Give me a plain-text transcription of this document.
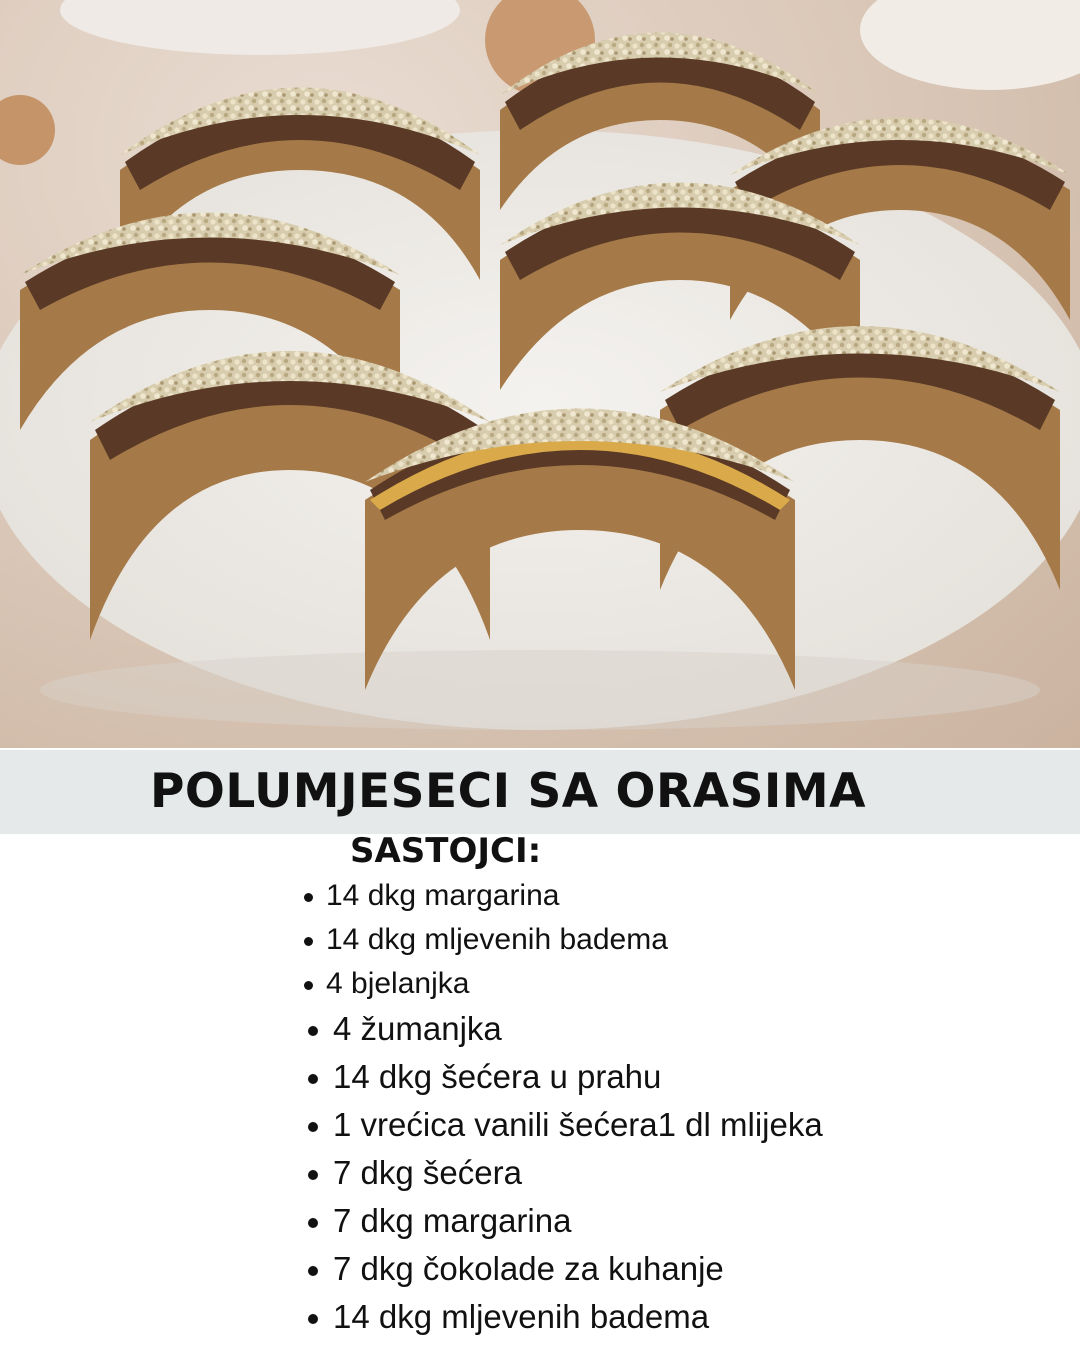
POLUMJESECI SA ORASIMA
SASTOJCI:
14 dkg margarina
14 dkg mljevenih badema
4 bjelanjka
4 žumanjka
14 dkg šećera u prahu
1 vrećica vanili šećera1 dl mlijeka
7 dkg šećera
7 dkg margarina
7 dkg čokolade za kuhanje
14 dkg mljevenih badema
